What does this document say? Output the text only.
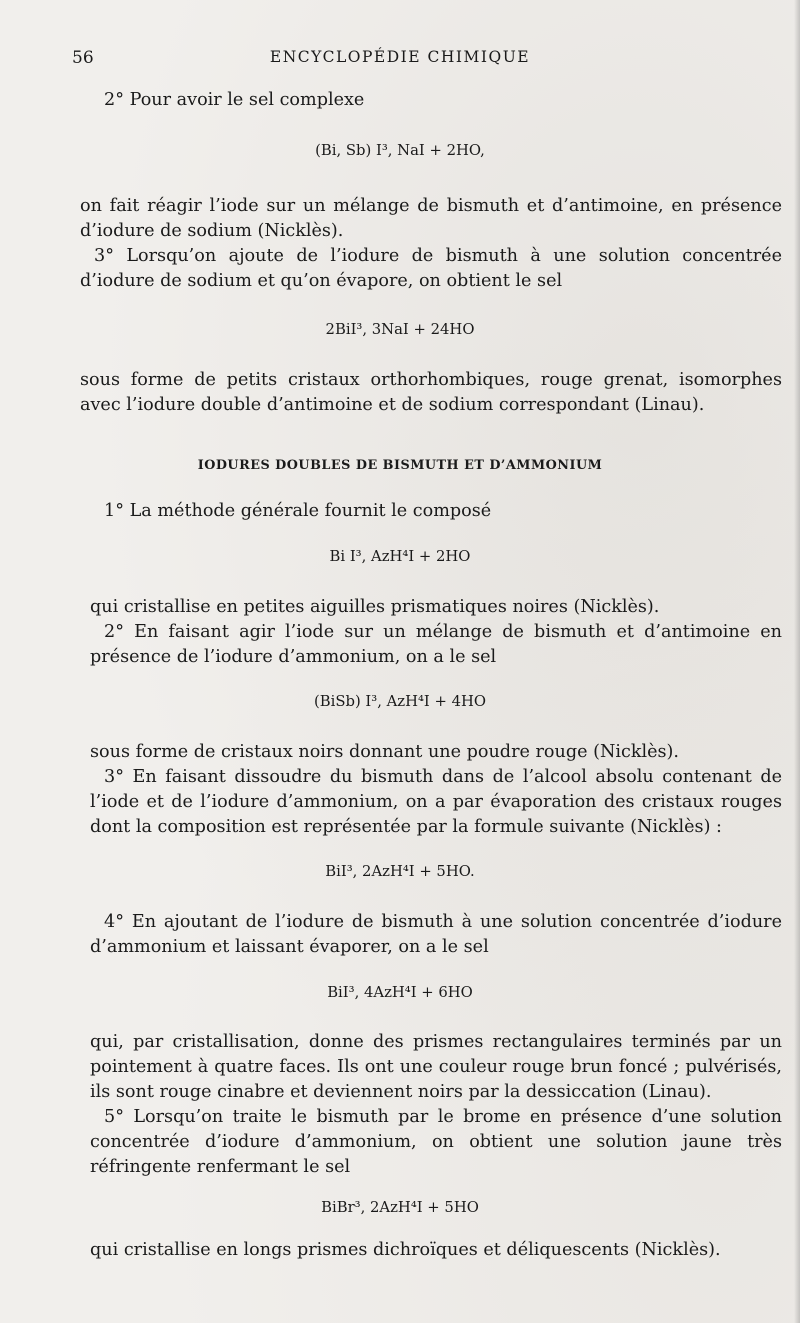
56	ENCYCLOPÉDIE CHIMIQUE

2° Pour avoir le sel complexe

(Bi, Sb) I³, NaI + 2HO,

on fait réagir l’iode sur un mélange de bismuth et d’antimoine, en présence d’iodure de sodium (Nicklès).

3° Lorsqu’on ajoute de l’iodure de bismuth à une solution concentrée d’iodure de sodium et qu’on évapore, on obtient le sel

2BiI³, 3NaI + 24HO

sous forme de petits cristaux orthorhombiques, rouge grenat, isomorphes avec l’iodure double d’antimoine et de sodium correspondant (Linau).

IODURES DOUBLES DE BISMUTH ET D’AMMONIUM

1° La méthode générale fournit le composé

Bi I³, AzH⁴I + 2HO

qui cristallise en petites aiguilles prismatiques noires (Nicklès).

2° En faisant agir l’iode sur un mélange de bismuth et d’antimoine en présence de l’iodure d’ammonium, on a le sel

(BiSb) I³, AzH⁴I + 4HO

sous forme de cristaux noirs donnant une poudre rouge (Nicklès).

3° En faisant dissoudre du bismuth dans de l’alcool absolu contenant de l’iode et de l’iodure d’ammonium, on a par évaporation des cristaux rouges dont la composition est représentée par la formule suivante (Nicklès) :

BiI³, 2AzH⁴I + 5HO.

4° En ajoutant de l’iodure de bismuth à une solution concentrée d’iodure d’ammonium et laissant évaporer, on a le sel

BiI³, 4AzH⁴I + 6HO

qui, par cristallisation, donne des prismes rectangulaires terminés par un pointement à quatre faces. Ils ont une couleur rouge brun foncé ; pulvérisés, ils sont rouge cinabre et deviennent noirs par la dessiccation (Linau).

5° Lorsqu’on traite le bismuth par le brome en présence d’une solution concentrée d’iodure d’ammonium, on obtient une solution jaune très réfringente renfermant le sel

BiBr³, 2AzH⁴I + 5HO

qui cristallise en longs prismes dichroïques et déliquescents (Nicklès).
